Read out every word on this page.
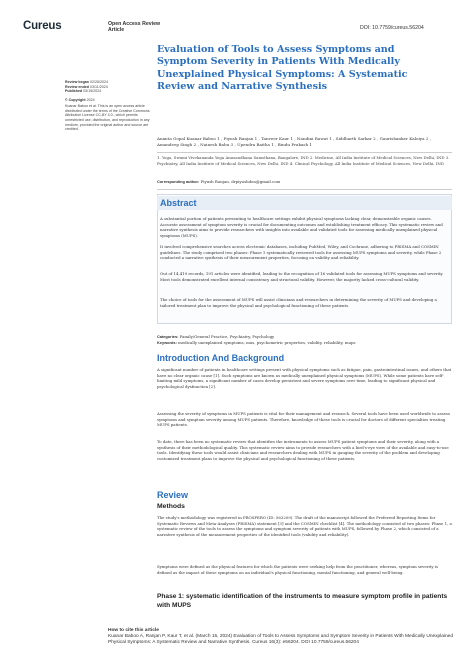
Cureus	Open Access Review
Article	DOI: 10.7759/cureus.56204
Evaluation of Tools to Assess Symptoms and Symptom Severity in Patients With Medically Unexplained Physical Symptoms: A Systematic Review and Narrative Synthesis
Review began 02/26/2024
Review ended 03/11/2024
Published 03/15/2024
© Copyright 2024
Kuanar Baboo et al. This is an open access article distributed under the terms of the Creative Commons Attribution License CC-BY 4.0., which permits unrestricted use, distribution, and reproduction in any medium, provided the original author and source are credited.
Ananta Gopal Kuanar Baboo 1 , Piyush Ranjan 1 , Tanveer Kaur 1 , Nandini Rawat 1 , Siddharth Sarkar 2 , Gaurishanker Kaloiya 2 , Amandeep Singh 2 , Nainesh Babu 3 , Upendra Baitha 1 , Bindu Prakash 1
1. Yoga, Swami Vivekananda Yoga Anusandhana Samsthana, Bangalore, IND 2. Medicine, All India Institute of Medical Sciences, New Delhi, IND 3. Psychiatry, All India Institute of Medical Sciences, New Delhi, IND 4. Clinical Psychology, All India Institute of Medical Sciences, New Delhi, IND
Corresponding author: Piyush Ranjan, drpiyushdon@gmail.com
Abstract
A substantial portion of patients presenting to healthcare settings exhibit physical symptoms lacking clear, demonstrable organic causes. Accurate assessment of symptom severity is crucial for documenting outcomes and establishing treatment efficacy. This systematic review and narrative synthesis aims to provide researchers with insights into available and validated tools for assessing medically unexplained physical symptoms (MUPS).
It involved comprehensive searches across electronic databases, including PubMed, Wiley, and Cochrane, adhering to PRISMA and COSMIN guidelines. The study comprised two phases: Phase 1 systematically reviewed tools for assessing MUPS symptoms and severity, while Phase 2 conducted a narrative synthesis of their measurement properties, focusing on validity and reliability.
Out of 14,419 records, 191 articles were identified, leading to the recognition of 16 validated tools for assessing MUPS symptoms and severity. Most tools demonstrated excellent internal consistency and structural validity. However, the majority lacked cross-cultural validity.
The choice of tools for the assessment of MUPS will assist clinicians and researchers in determining the severity of MUPS and developing a tailored treatment plan to improve the physical and psychological functioning of these patients.
Categories: Family/General Practice, Psychiatry, Psychology
Keywords: medically unexplained symptoms, mus, psychometric properties, validity, reliability, mups
Introduction And Background
A significant number of patients in healthcare settings present with physical symptoms such as fatigue, pain, gastrointestinal issues, and others that have no clear organic cause [1]. Such symptoms are known as medically unexplained physical symptoms (MUPS). While some patients have self-limiting mild symptoms, a significant number of cases develop persistent and severe symptoms over time, leading to significant physical and psychological dysfunction [2].
Assessing the severity of symptoms in MUPS patients is vital for their management and research. Several tools have been used worldwide to assess symptoms and symptom severity among MUPS patients. Therefore, knowledge of these tools is crucial for doctors of different specialties treating MUPS patients.
To date, there has been no systematic review that identifies the instruments to assess MUPS patient symptoms and their severity, along with a synthesis of their methodological quality. This systematic review aims to provide researchers with a bird's-eye view of the available and easy-to-use tools. Identifying these tools would assist clinicians and researchers dealing with MUPS in gauging the severity of the problem and developing customized treatment plans to improve the physical and psychological functioning of these patients.
Review
Methods
The study's methodology was registered in PROSPERO (ID: 563209). The draft of the manuscript followed the Preferred Reporting Items for Systematic Reviews and Meta-Analyses (PRISMA) statement [3] and the COSMIN checklist [4]. The methodology consisted of two phases: Phase 1, a systematic review of the tools to assess the symptoms and symptom severity of patients with MUPS, followed by Phase 2, which consisted of a narrative synthesis of the measurement properties of the identified tools (validity and reliability).
Symptoms were defined as the physical features for which the patients were seeking help from the practitioner, whereas, symptom severity is defined as the impact of these symptoms on an individual's physical functioning, mental functioning, and general well-being.
Phase 1: systematic identification of the instruments to measure symptom profile in patients with MUPS
How to cite this article
Kuanar Baboo A, Ranjan P, Kaur T, et al. (March 15, 2024) Evaluation of Tools to Assess Symptoms and Symptom Severity in Patients With Medically Unexplained Physical Symptoms: A Systematic Review and Narrative Synthesis. Cureus 16(3): e56204. DOI 10.7759/cureus.56204
